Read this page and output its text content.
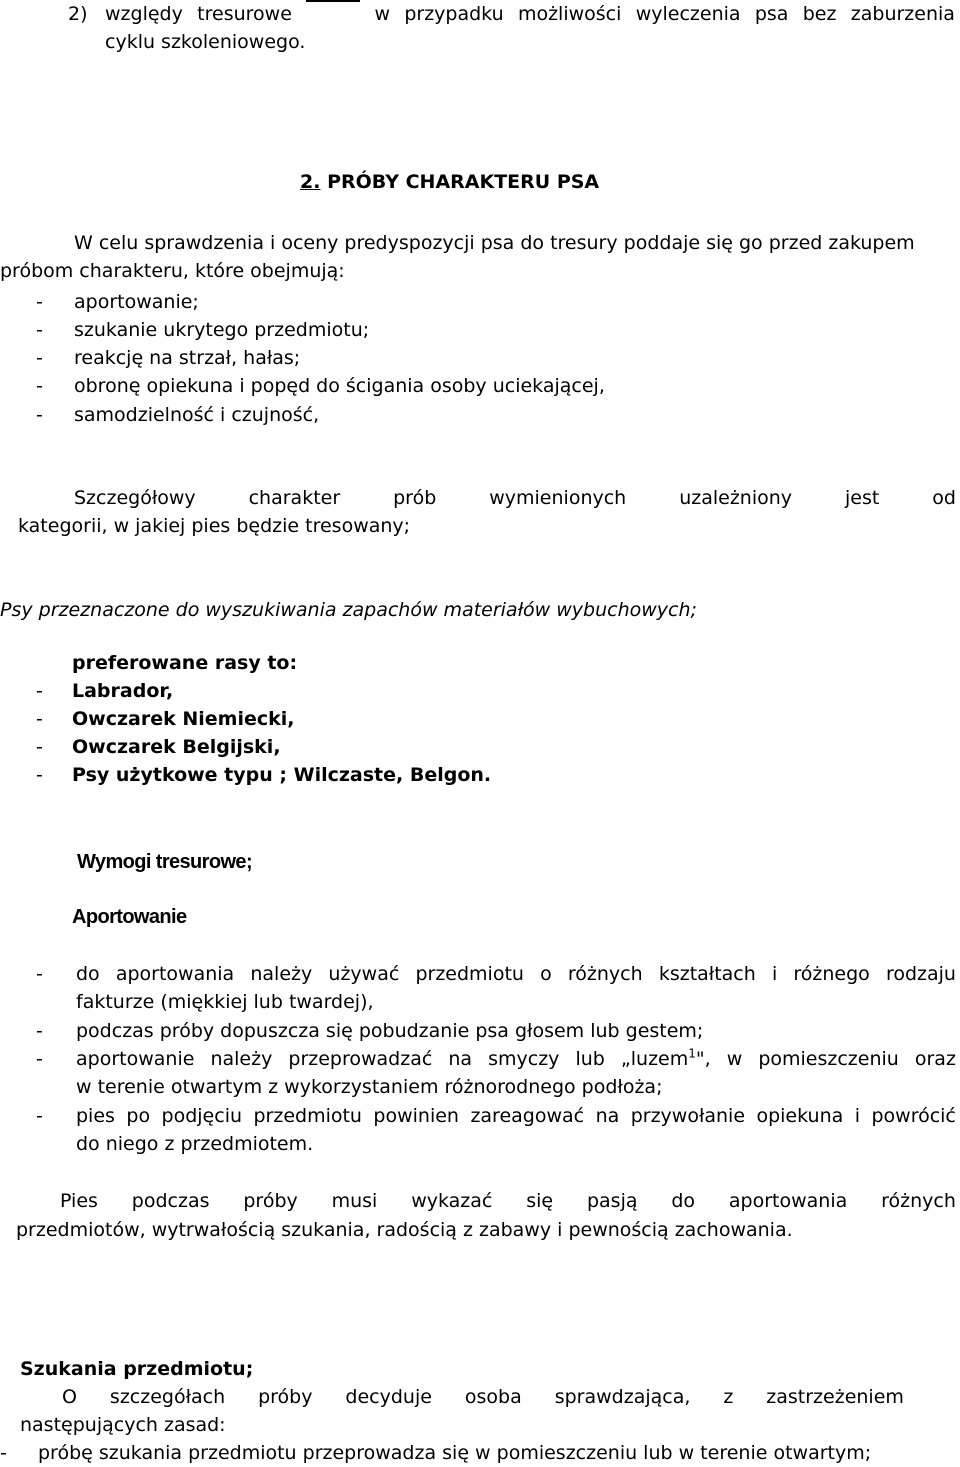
2) względy tresurowe	w przypadku możliwości wyleczenia psa bez zaburzenia
cyklu szkoleniowego.
2. PRÓBY CHARAKTERU PSA
W celu sprawdzenia i oceny predyspozycji psa do tresury poddaje się go przed zakupem
próbom charakteru, które obejmują:
- aportowanie;
- szukanie ukrytego przedmiotu;
- reakcję na strzał, hałas;
- obronę opiekuna i popęd do ścigania osoby uciekającej,
- samodzielność i czujność,
Szczegółowy	charakter	prób	wymienionych	uzależniony	jest	od
kategorii, w jakiej pies będzie tresowany;
Psy przeznaczone do wyszukiwania zapachów materiałów wybuchowych;
preferowane rasy to:
- Labrador,
- Owczarek Niemiecki,
- Owczarek Belgijski,
- Psy użytkowe typu ; Wilczaste, Belgon.
Wymogi tresurowe;
Aportowanie
- do aportowania należy używać przedmiotu o różnych kształtach i różnego rodzaju
fakturze (miękkiej lub twardej),
- podczas próby dopuszcza się pobudzanie psa głosem lub gestem;
- aportowanie należy przeprowadzać na smyczy lub „luzem$^1$", w pomieszczeniu oraz
w terenie otwartym z wykorzystaniem różnorodnego podłoża;
- pies po podjęciu przedmiotu powinien zareagować na przywołanie opiekuna i powrócić
do niego z przedmiotem.
Pies podczas próby musi wykazać się pasją do aportowania różnych
przedmiotów, wytrwałością szukania, radością z zabawy i pewnością zachowania.
Szukania przedmiotu;
O szczegółach próby decyduje osoba sprawdzająca, z zastrzeżeniem
następujących zasad:
- próbę szukania przedmiotu przeprowadza się w pomieszczeniu lub w terenie otwartym;
